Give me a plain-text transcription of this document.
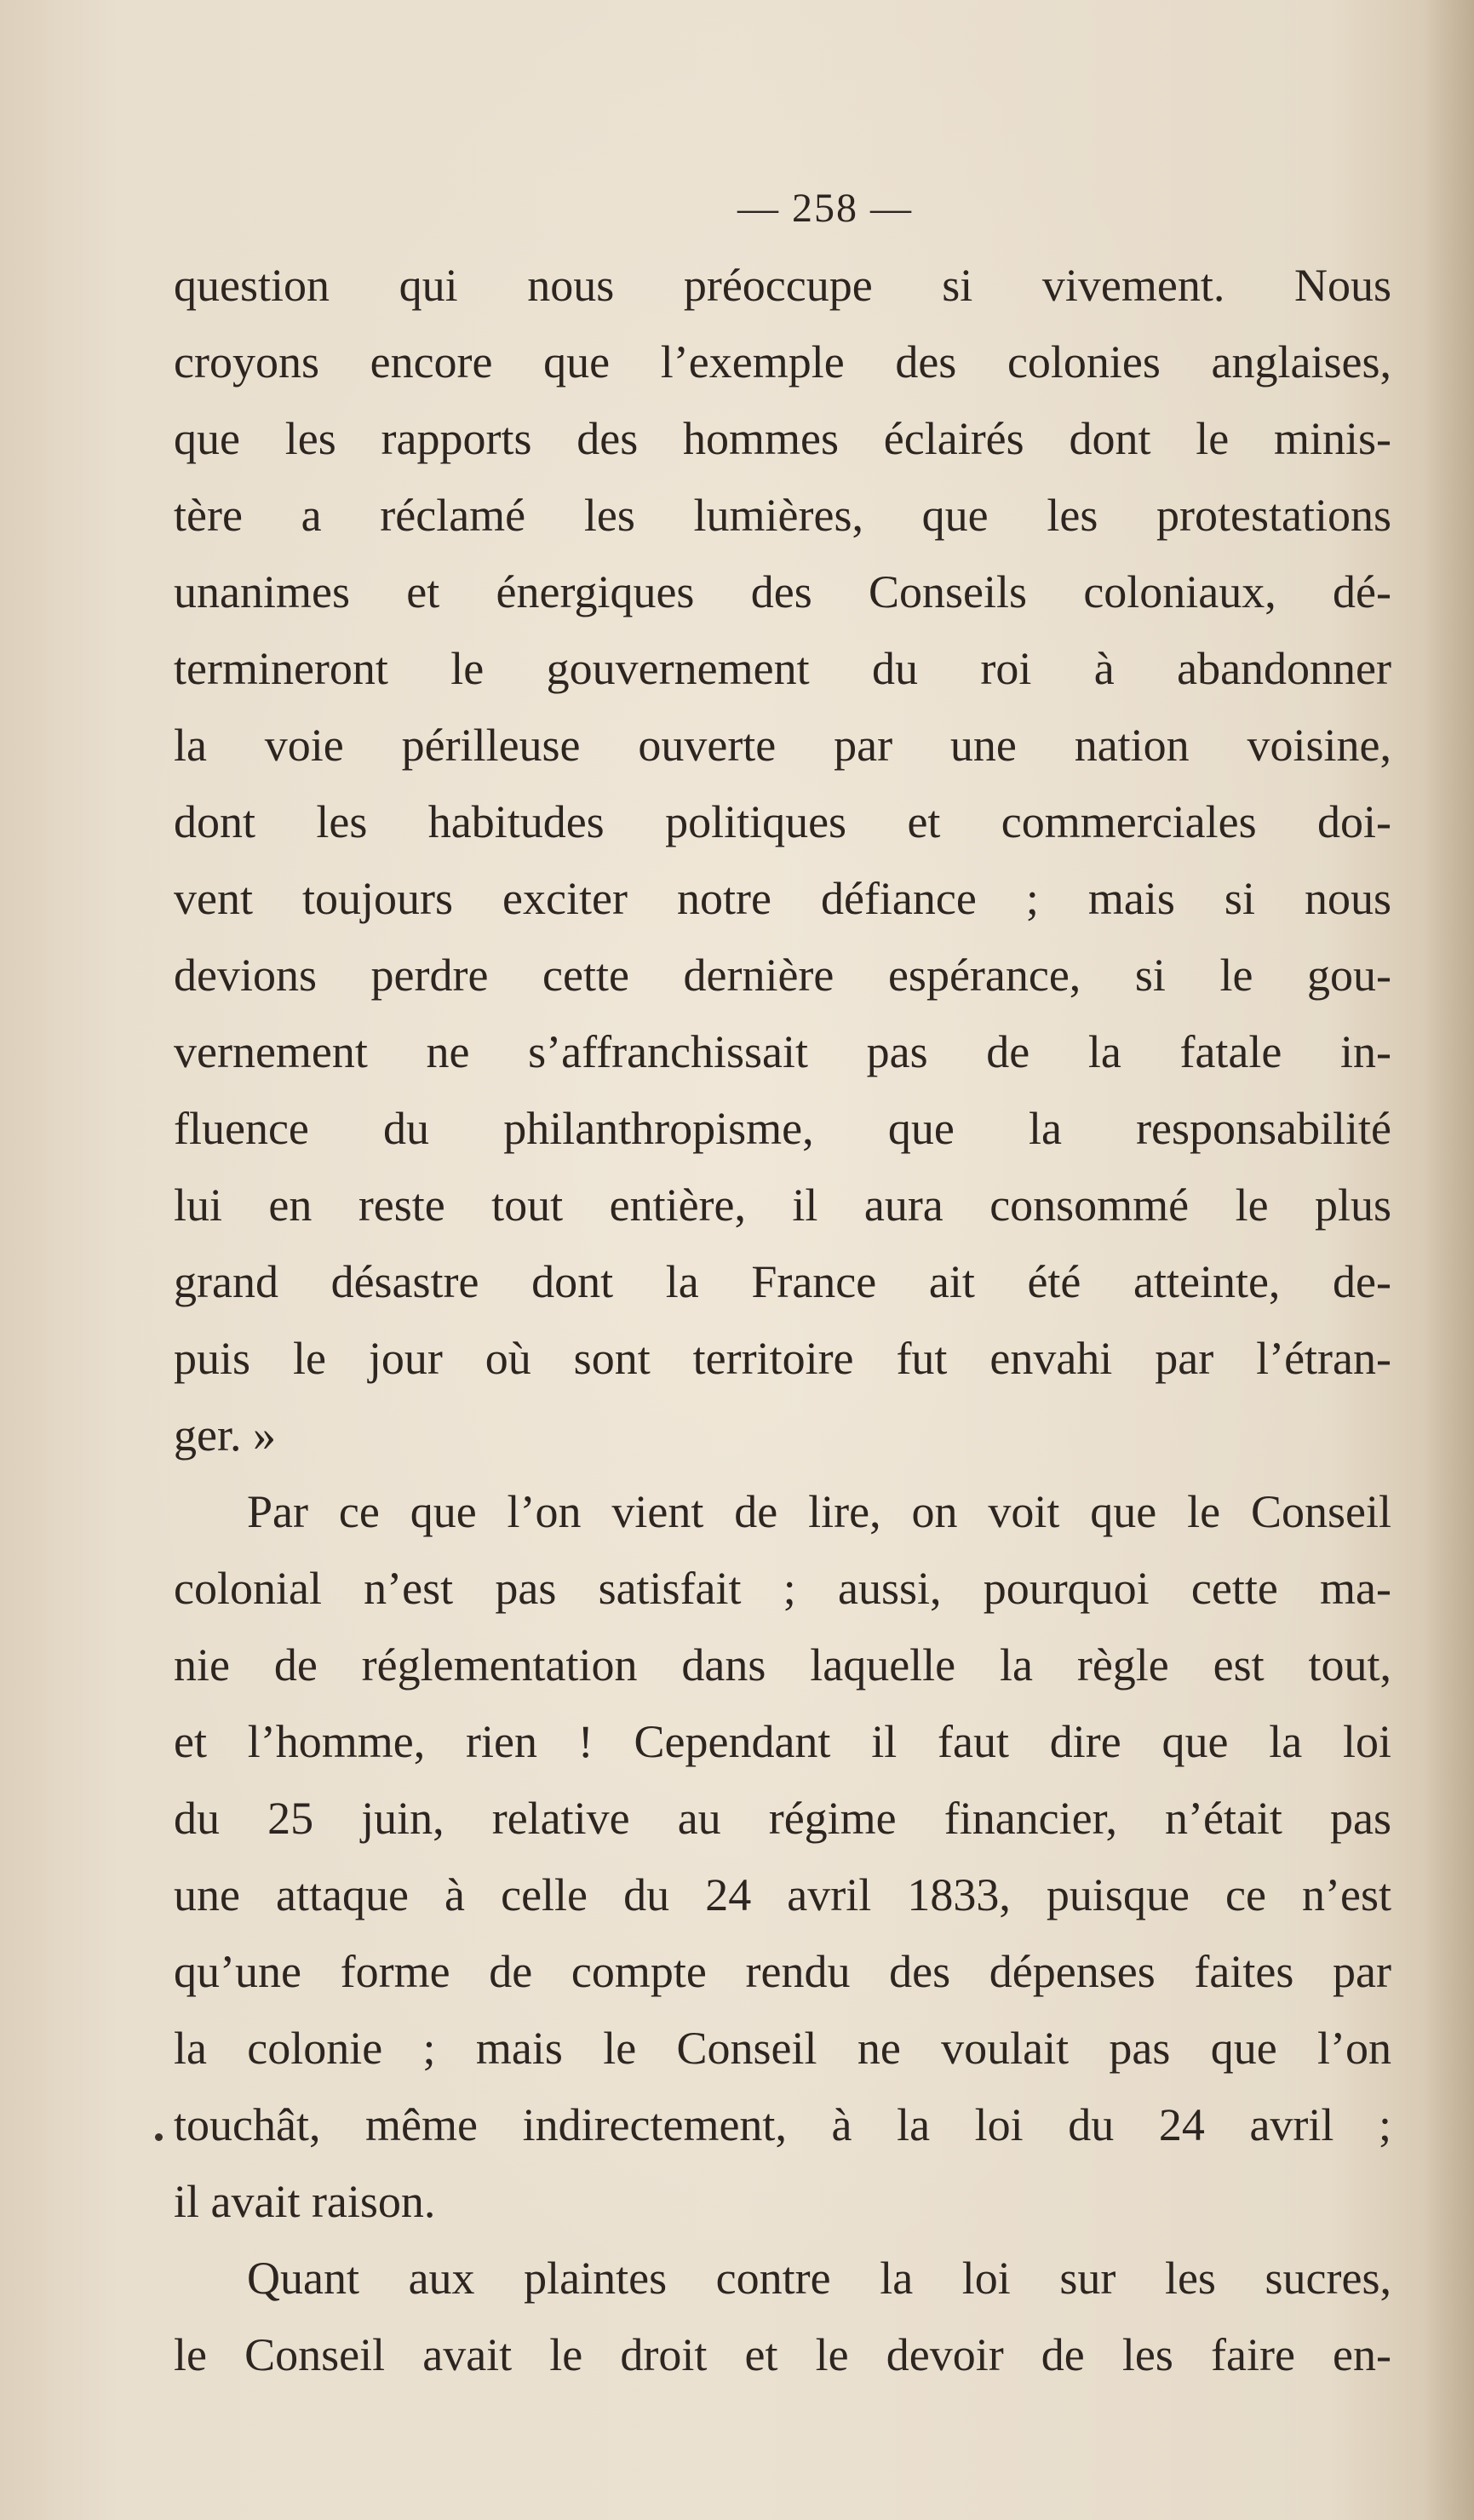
— 258 —
question qui nous préoccupe si vivement. Nous
croyons encore que l’exemple des colonies anglaises,
que les rapports des hommes éclairés dont le minis-
tère a réclamé les lumières, que les protestations
unanimes et énergiques des Conseils coloniaux, dé-
termineront le gouvernement du roi à abandonner
la voie périlleuse ouverte par une nation voisine,
dont les habitudes politiques et commerciales doi-
vent toujours exciter notre défiance ; mais si nous
devions perdre cette dernière espérance, si le gou-
vernement ne s’affranchissait pas de la fatale in-
fluence du philanthropisme, que la responsabilité
lui en reste tout entière, il aura consommé le plus
grand désastre dont la France ait été atteinte, de-
puis le jour où sont territoire fut envahi par l’étran-
ger. »
Par ce que l’on vient de lire, on voit que le Conseil
colonial n’est pas satisfait ; aussi, pourquoi cette ma-
nie de réglementation dans laquelle la règle est tout,
et l’homme, rien ! Cependant il faut dire que la loi
du 25 juin, relative au régime financier, n’était pas
une attaque à celle du 24 avril 1833, puisque ce n’est
qu’une forme de compte rendu des dépenses faites par
la colonie ; mais le Conseil ne voulait pas que l’on
touchât, même indirectement, à la loi du 24 avril ;
il avait raison.
Quant aux plaintes contre la loi sur les sucres,
le Conseil avait le droit et le devoir de les faire en-
